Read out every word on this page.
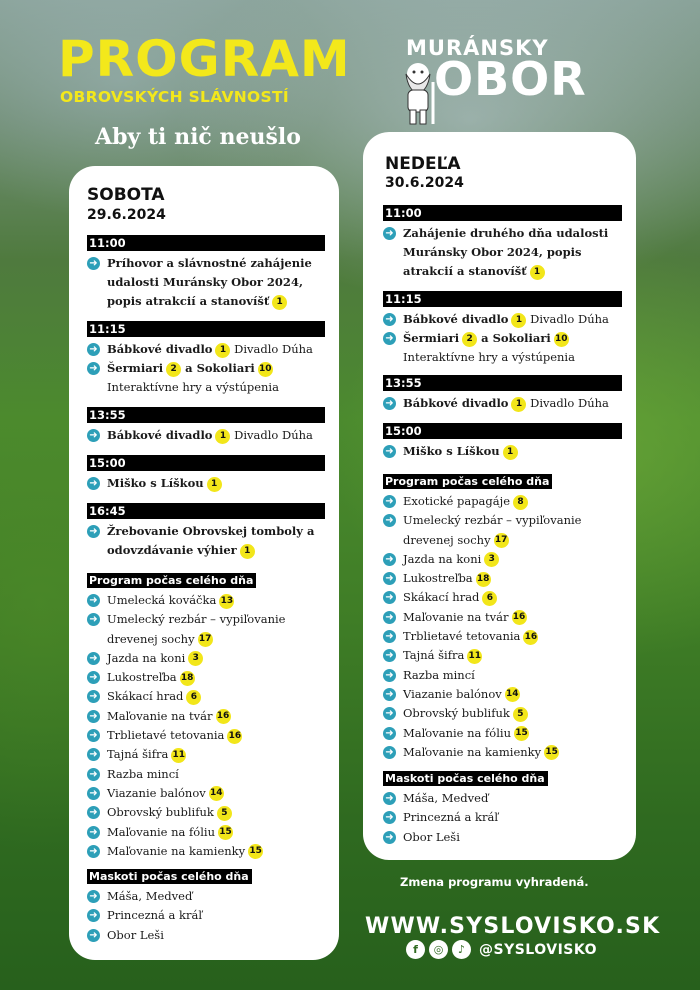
PROGRAM
OBROVSKÝCH SLÁVNOSTÍ
Aby ti nič neušlo
MURÁNSKY
OBOR
SOBOTA
29.6.2024
11:00
➜ Príhovor a slávnostné zahájenie udalosti Muránsky Obor 2024, popis atrakcií a stanovíšť 1
11:15
➜ Bábkové divadlo 1 Divadlo Dúha
➜ Šermiari 2 a Sokoliari 10
Interaktívne hry a výstúpenia
13:55
➜ Bábkové divadlo 1 Divadlo Dúha
15:00
➜ Miško s Líškou 1
16:45
➜ Žrebovanie Obrovskej tomboly a odovzdávanie výhier 1
Program počas celého dňa
➜ Umelecká kováčka 13
➜ Umelecký rezbár – vypiľovanie drevenej sochy 17
➜ Jazda na koni 3
➜ Lukostreľba 18
➜ Skákací hrad 6
➜ Maľovanie na tvár 16
➜ Trblietavé tetovania 16
➜ Tajná šifra 11
➜ Razba mincí
➜ Viazanie balónov 14
➜ Obrovský bublifuk 5
➜ Maľovanie na fóliu 15
➜ Maľovanie na kamienky 15
Maskoti počas celého dňa
➜ Máša, Medveď
➜ Princezná a kráľ
➜ Obor Leši
NEDEĽA
30.6.2024
11:00
➜ Zahájenie druhého dňa udalosti Muránsky Obor 2024, popis atrakcií a stanovíšť 1
11:15
➜ Bábkové divadlo 1 Divadlo Dúha
➜ Šermiari 2 a Sokoliari 10
Interaktívne hry a výstúpenia
13:55
➜ Bábkové divadlo 1 Divadlo Dúha
15:00
➜ Miško s Líškou 1
Program počas celého dňa
➜ Exotické papagáje 8
➜ Umelecký rezbár – vypiľovanie drevenej sochy 17
➜ Jazda na koni 3
➜ Lukostreľba 18
➜ Skákací hrad 6
➜ Maľovanie na tvár 16
➜ Trblietavé tetovania 16
➜ Tajná šifra 11
➜ Razba mincí
➜ Viazanie balónov 14
➜ Obrovský bublifuk 5
➜ Maľovanie na fóliu 15
➜ Maľovanie na kamienky 15
Maskoti počas celého dňa
➜ Máša, Medveď
➜ Princezná a kráľ
➜ Obor Leši
Zmena programu vyhradená.
WWW.SYSLOVISKO.SK
f	◎	♪ @SYSLOVISKO
